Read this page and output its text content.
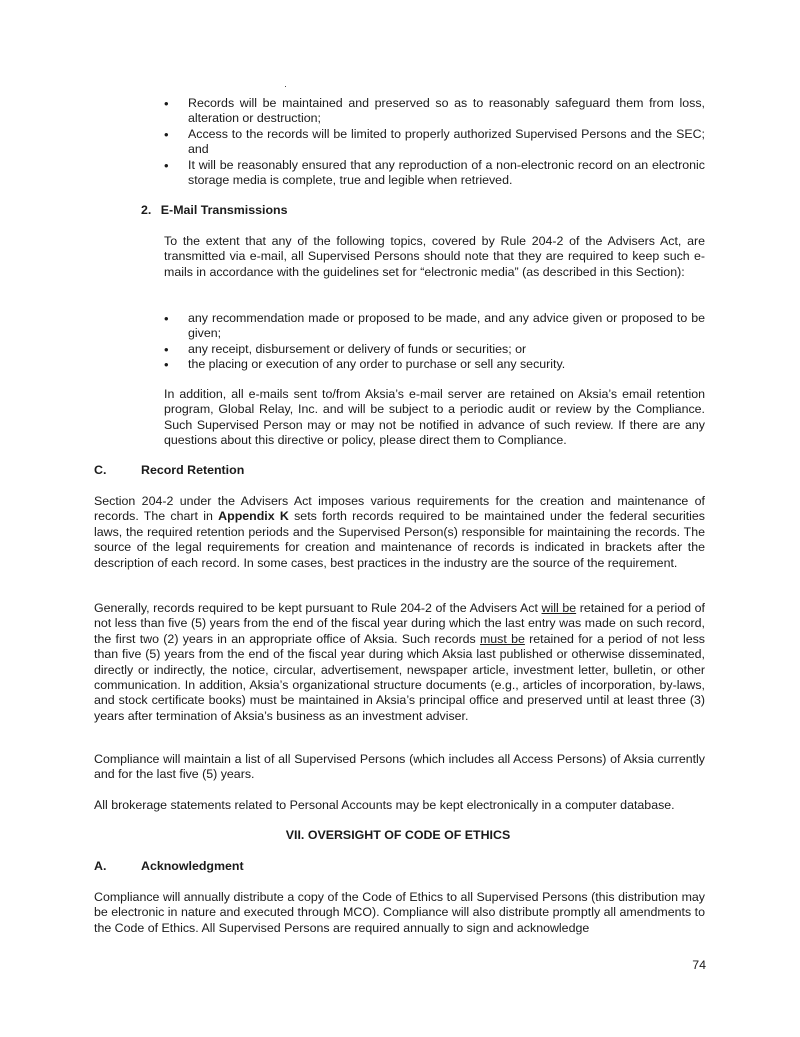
• Records will be maintained and preserved so as to reasonably safeguard them from loss, alteration or destruction;
• Access to the records will be limited to properly authorized Supervised Persons and the SEC; and
• It will be reasonably ensured that any reproduction of a non-electronic record on an electronic storage media is complete, true and legible when retrieved.
2. E-Mail Transmissions
To the extent that any of the following topics, covered by Rule 204-2 of the Advisers Act, are transmitted via e-mail, all Supervised Persons should note that they are required to keep such e-mails in accordance with the guidelines set for “electronic media” (as described in this Section):
• any recommendation made or proposed to be made, and any advice given or proposed to be given;
• any receipt, disbursement or delivery of funds or securities; or
• the placing or execution of any order to purchase or sell any security.
In addition, all e-mails sent to/from Aksia’s e-mail server are retained on Aksia’s email retention program, Global Relay, Inc. and will be subject to a periodic audit or review by the Compliance. Such Supervised Person may or may not be notified in advance of such review. If there are any questions about this directive or policy, please direct them to Compliance.
C.	Record Retention
Section 204-2 under the Advisers Act imposes various requirements for the creation and maintenance of records. The chart in Appendix K sets forth records required to be maintained under the federal securities laws, the required retention periods and the Supervised Person(s) responsible for maintaining the records. The source of the legal requirements for creation and maintenance of records is indicated in brackets after the description of each record. In some cases, best practices in the industry are the source of the requirement.
Generally, records required to be kept pursuant to Rule 204-2 of the Advisers Act will be retained for a period of not less than five (5) years from the end of the fiscal year during which the last entry was made on such record, the first two (2) years in an appropriate office of Aksia. Such records must be retained for a period of not less than five (5) years from the end of the fiscal year during which Aksia last published or otherwise disseminated, directly or indirectly, the notice, circular, advertisement, newspaper article, investment letter, bulletin, or other communication. In addition, Aksia’s organizational structure documents (e.g., articles of incorporation, by-laws, and stock certificate books) must be maintained in Aksia’s principal office and preserved until at least three (3) years after termination of Aksia’s business as an investment adviser.
Compliance will maintain a list of all Supervised Persons (which includes all Access Persons) of Aksia currently and for the last five (5) years.
All brokerage statements related to Personal Accounts may be kept electronically in a computer database.
VII. OVERSIGHT OF CODE OF ETHICS
A.	Acknowledgment
Compliance will annually distribute a copy of the Code of Ethics to all Supervised Persons (this distribution may be electronic in nature and executed through MCO). Compliance will also distribute promptly all amendments to the Code of Ethics. All Supervised Persons are required annually to sign and acknowledge
74
